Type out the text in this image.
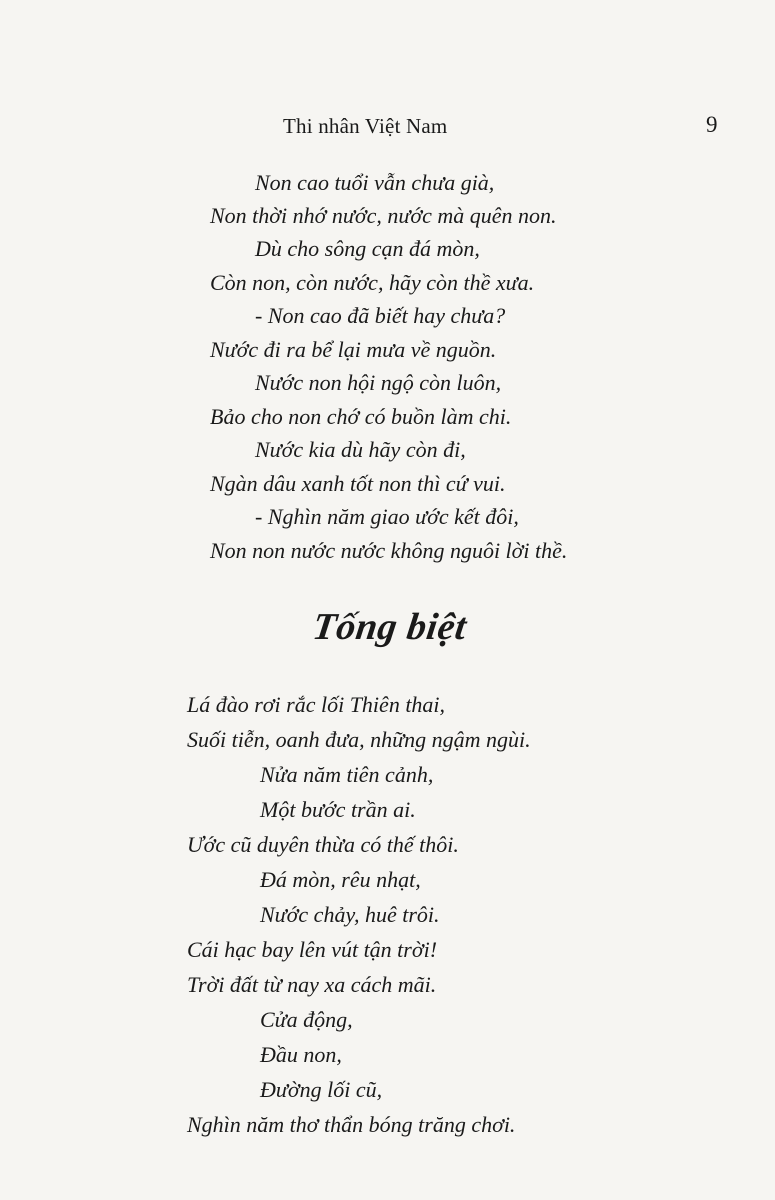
Thi nhân Việt Nam	9
Non cao tuổi vẫn chưa già,
Non thời nhớ nước, nước mà quên non.
Dù cho sông cạn đá mòn,
Còn non, còn nước, hãy còn thề xưa.
- Non cao đã biết hay chưa?
Nước đi ra bể lại mưa về nguồn.
Nước non hội ngộ còn luôn,
Bảo cho non chớ có buồn làm chi.
Nước kia dù hãy còn đi,
Ngàn dâu xanh tốt non thì cứ vui.
- Nghìn năm giao ước kết đôi,
Non non nước nước không nguôi lời thề.
Tống biệt
Lá đào rơi rắc lối Thiên thai,
Suối tiễn, oanh đưa, những ngậm ngùi.
Nửa năm tiên cảnh,
Một bước trần ai.
Ước cũ duyên thừa có thế thôi.
Đá mòn, rêu nhạt,
Nước chảy, huê trôi.
Cái hạc bay lên vút tận trời!
Trời đất từ nay xa cách mãi.
Cửa động,
Đầu non,
Đường lối cũ,
Nghìn năm thơ thẩn bóng trăng chơi.
